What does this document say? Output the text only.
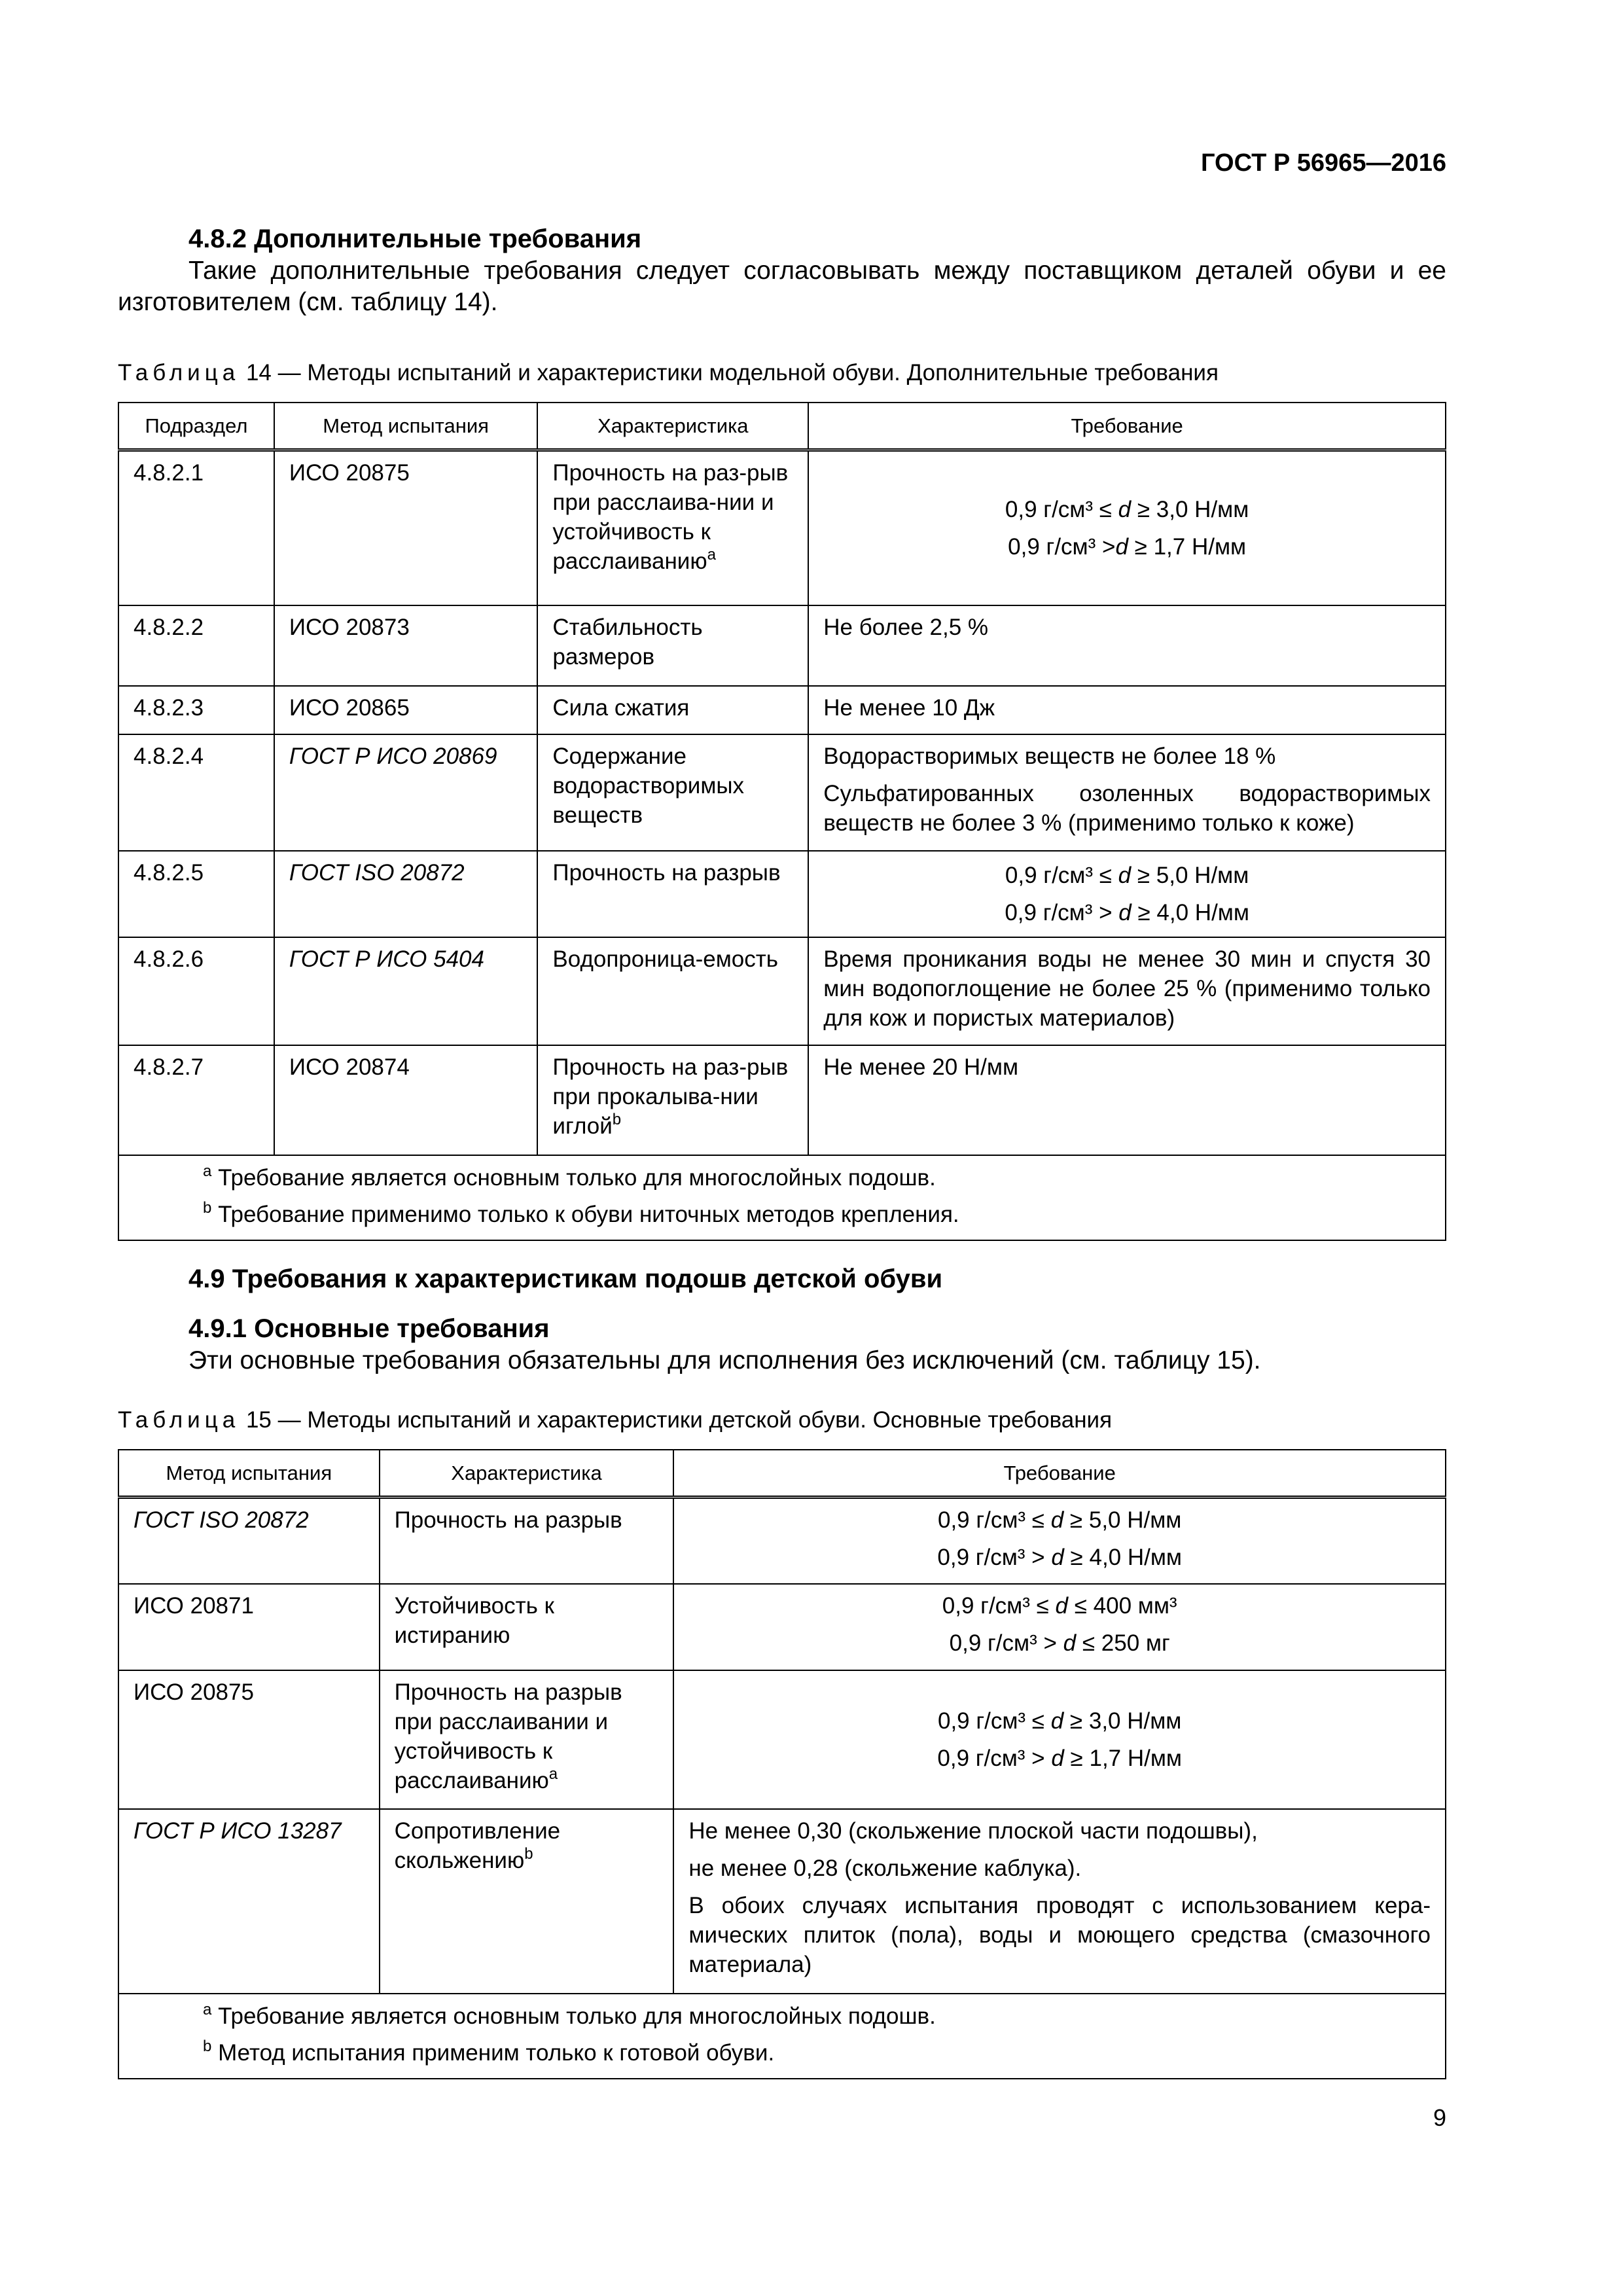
ГОСТ Р 56965—2016
4.8.2 Дополнительные требования
Такие дополнительные требования следует согласовывать между поставщиком деталей обуви и ее изготовителем (см. таблицу 14).
Таблица 14 — Методы испытаний и характеристики модельной обуви. Дополнительные требования
Подраздел	Метод испытания	Характеристика	Требование
4.8.2.1	ИСО 20875	Прочность на раз-рыв при расслаива-нии и устойчивость к расслаиванию$^a$	0,9 г/см³ ≤ d ≥ 3,0 Н/мм
0,9 г/см³ >d ≥ 1,7 Н/мм

4.8.2.2	ИСО 20873	Стабильность размеров	Не более 2,5 %
4.8.2.3	ИСО 20865	Сила сжатия	Не менее 10 Дж
4.8.2.4	ГОСТ Р ИСО 20869	Содержание водорастворимых веществ	Водорастворимых веществ не более 18 %
Сульфатированных озоленных водорастворимых веществ не более 3 % (применимо только к коже)

4.8.2.5	ГОСТ ISO 20872	Прочность на разрыв	0,9 г/см³ ≤ d ≥ 5,0 Н/мм
0,9 г/см³ > d ≥ 4,0 Н/мм

4.8.2.6	ГОСТ Р ИСО 5404	Водопроница-емость	Время проникания воды не менее 30 мин и спустя 30 мин водопоглощение не более 25 % (применимо только для кож и пористых материалов)
4.8.2.7	ИСО 20874	Прочность на раз-рыв при прокалыва-нии иглой$^b$	Не менее 20 Н/мм

$^a$ Требование является основным только для многослойных подошв.
$^b$ Требование применимо только к обуви ниточных методов крепления.			
4.9 Требования к характеристикам подошв детской обуви
4.9.1 Основные требования
Эти основные требования обязательны для исполнения без исключений (см. таблицу 15).
Таблица 15 — Методы испытаний и характеристики детской обуви. Основные требования
Метод испытания	Характеристика	Требование
ГОСТ ISO 20872	Прочность на разрыв	0,9 г/см³ ≤ d ≥ 5,0 Н/мм
0,9 г/см³ > d ≥ 4,0 Н/мм

ИСО 20871	Устойчивость к истиранию	0,9 г/см³ ≤ d ≤ 400 мм³
0,9 г/см³ > d ≤ 250 мг

ИСО 20875	Прочность на разрыв при расслаивании и устойчивость к расслаиванию$^a$	0,9 г/см³ ≤ d ≥ 3,0 Н/мм
0,9 г/см³ > d ≥ 1,7 Н/мм

ГОСТ Р ИСО 13287	Сопротивление скольжению$^b$	Не менее 0,30 (скольжение плоской части подошвы),
не менее 0,28 (скольжение каблука).
В обоих случаях испытания проводят с использованием кера-мических плиток (пола), воды и моющего средства (смазочного материала)

$^a$ Требование является основным только для многослойных подошв.
$^b$ Метод испытания применим только к готовой обуви.		
9
